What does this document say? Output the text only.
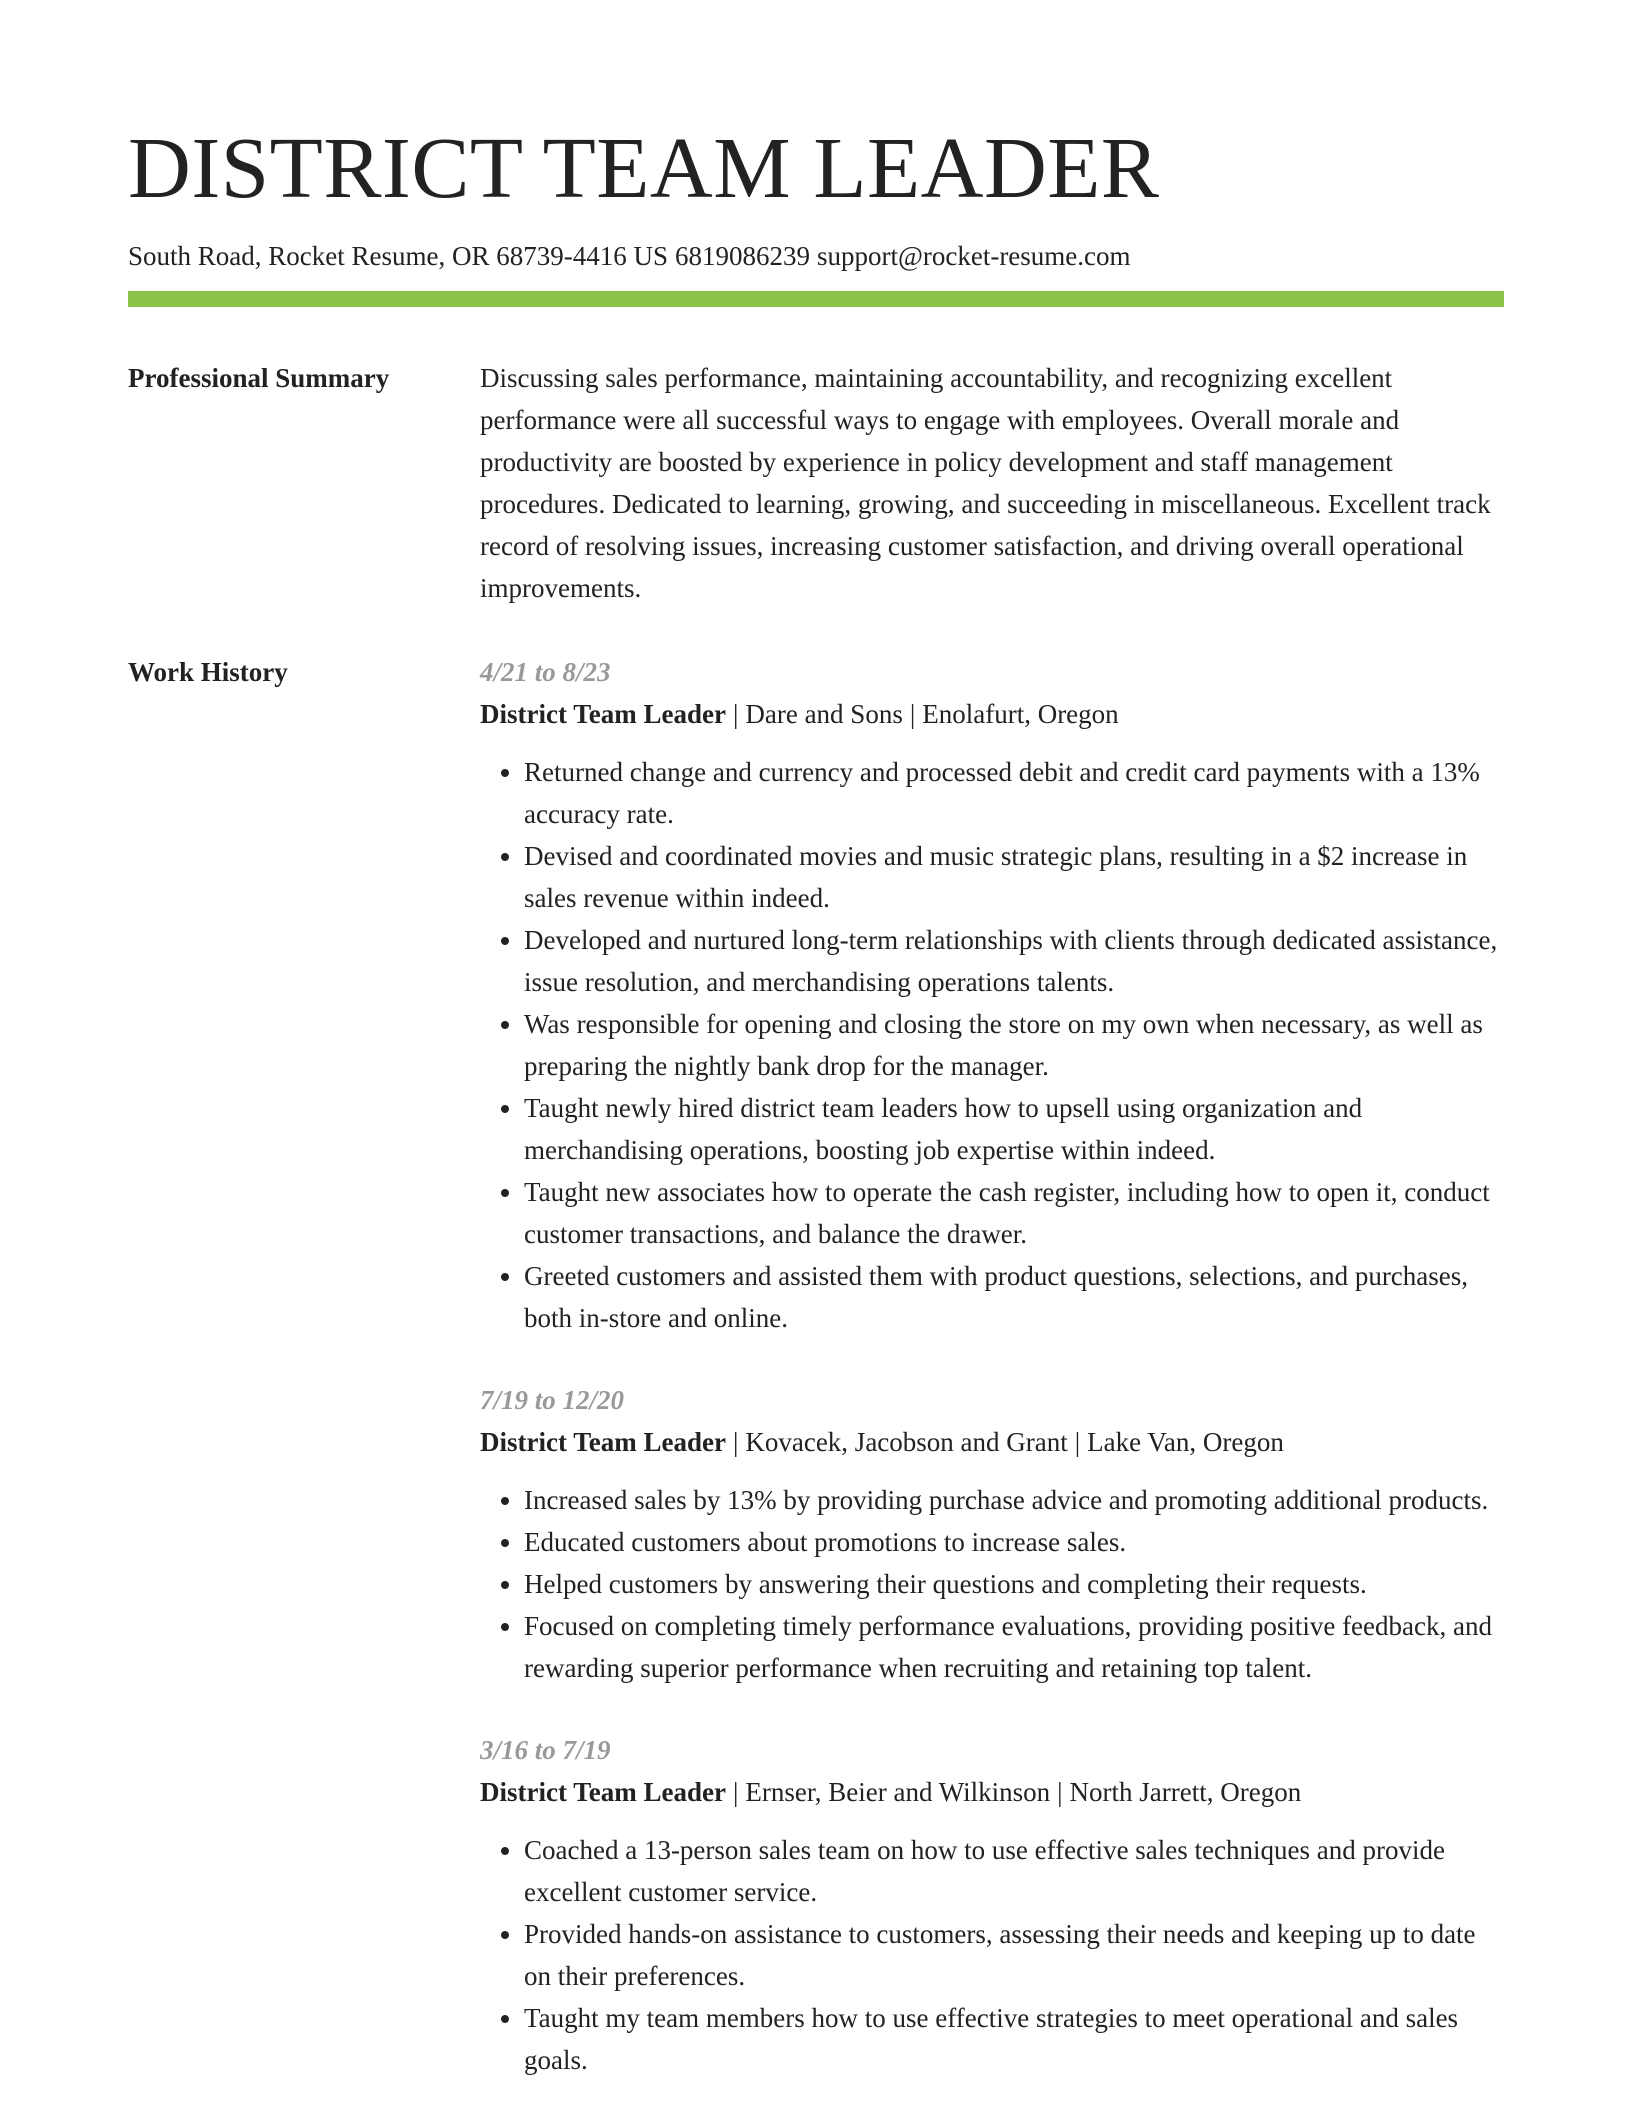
DISTRICT TEAM LEADER
South Road, Rocket Resume, OR 68739-4416 US 6819086239 support@rocket-resume.com
Professional Summary	Discussing sales performance, maintaining accountability, and recognizing excellent performance were all successful ways to engage with employees. Overall morale and productivity are boosted by experience in policy development and staff management procedures. Dedicated to learning, growing, and succeeding in miscellaneous. Excellent track record of resolving issues, increasing customer satisfaction, and driving overall operational improvements.

Work History	4/21 to 8/23
District Team Leader | Dare and Sons | Enolafurt, Oregon
• Returned change and currency and processed debit and credit card payments with a 13% accuracy rate.
• Devised and coordinated movies and music strategic plans, resulting in a $2 increase in sales revenue within indeed.
• Developed and nurtured long-term relationships with clients through dedicated assistance, issue resolution, and merchandising operations talents.
• Was responsible for opening and closing the store on my own when necessary, as well as preparing the nightly bank drop for the manager.
• Taught newly hired district team leaders how to upsell using organization and merchandising operations, boosting job expertise within indeed.
• Taught new associates how to operate the cash register, including how to open it, conduct customer transactions, and balance the drawer.
• Greeted customers and assisted them with product questions, selections, and purchases, both in-store and online.
7/19 to 12/20
District Team Leader | Kovacek, Jacobson and Grant | Lake Van, Oregon
• Increased sales by 13% by providing purchase advice and promoting additional products.
• Educated customers about promotions to increase sales.
• Helped customers by answering their questions and completing their requests.
• Focused on completing timely performance evaluations, providing positive feedback, and rewarding superior performance when recruiting and retaining top talent.
3/16 to 7/19
District Team Leader | Ernser, Beier and Wilkinson | North Jarrett, Oregon
• Coached a 13-person sales team on how to use effective sales techniques and provide excellent customer service.
• Provided hands-on assistance to customers, assessing their needs and keeping up to date on their preferences.
• Taught my team members how to use effective strategies to meet operational and sales goals.
